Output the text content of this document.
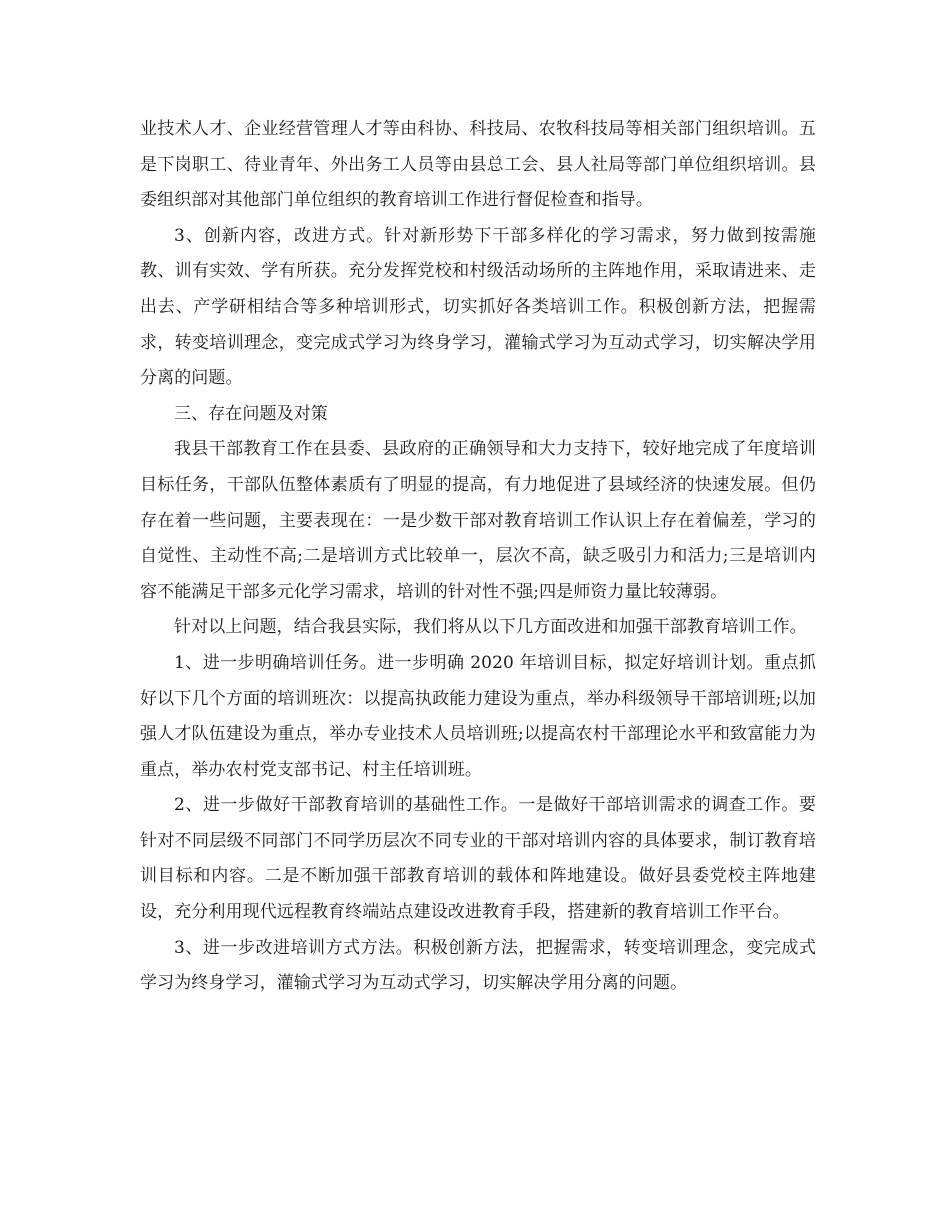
业技术人才、企业经营管理人才等由科协、科技局、农牧科技局等相关部门组织培训。五是下岗职工、待业青年、外出务工人员等由县总工会、县人社局等部门单位组织培训。县委组织部对其他部门单位组织的教育培训工作进行督促检查和指导。

3、创新内容，改进方式。针对新形势下干部多样化的学习需求，努力做到按需施教、训有实效、学有所获。充分发挥党校和村级活动场所的主阵地作用，采取请进来、走出去、产学研相结合等多种培训形式，切实抓好各类培训工作。积极创新方法，把握需求，转变培训理念，变完成式学习为终身学习，灌输式学习为互动式学习，切实解决学用分离的问题。

三、存在问题及对策

我县干部教育工作在县委、县政府的正确领导和大力支持下，较好地完成了年度培训目标任务，干部队伍整体素质有了明显的提高，有力地促进了县域经济的快速发展。但仍存在着一些问题，主要表现在：一是少数干部对教育培训工作认识上存在着偏差，学习的自觉性、主动性不高;二是培训方式比较单一，层次不高，缺乏吸引力和活力;三是培训内容不能满足干部多元化学习需求，培训的针对性不强;四是师资力量比较薄弱。

针对以上问题，结合我县实际，我们将从以下几方面改进和加强干部教育培训工作。

1、进一步明确培训任务。进一步明确 2020 年培训目标，拟定好培训计划。重点抓好以下几个方面的培训班次：以提高执政能力建设为重点，举办科级领导干部培训班;以加强人才队伍建设为重点，举办专业技术人员培训班;以提高农村干部理论水平和致富能力为重点，举办农村党支部书记、村主任培训班。

2、进一步做好干部教育培训的基础性工作。一是做好干部培训需求的调查工作。要针对不同层级不同部门不同学历层次不同专业的干部对培训内容的具体要求，制订教育培训目标和内容。二是不断加强干部教育培训的载体和阵地建设。做好县委党校主阵地建设，充分利用现代远程教育终端站点建设改进教育手段，搭建新的教育培训工作平台。

3、进一步改进培训方式方法。积极创新方法，把握需求，转变培训理念，变完成式学习为终身学习，灌输式学习为互动式学习，切实解决学用分离的问题。
